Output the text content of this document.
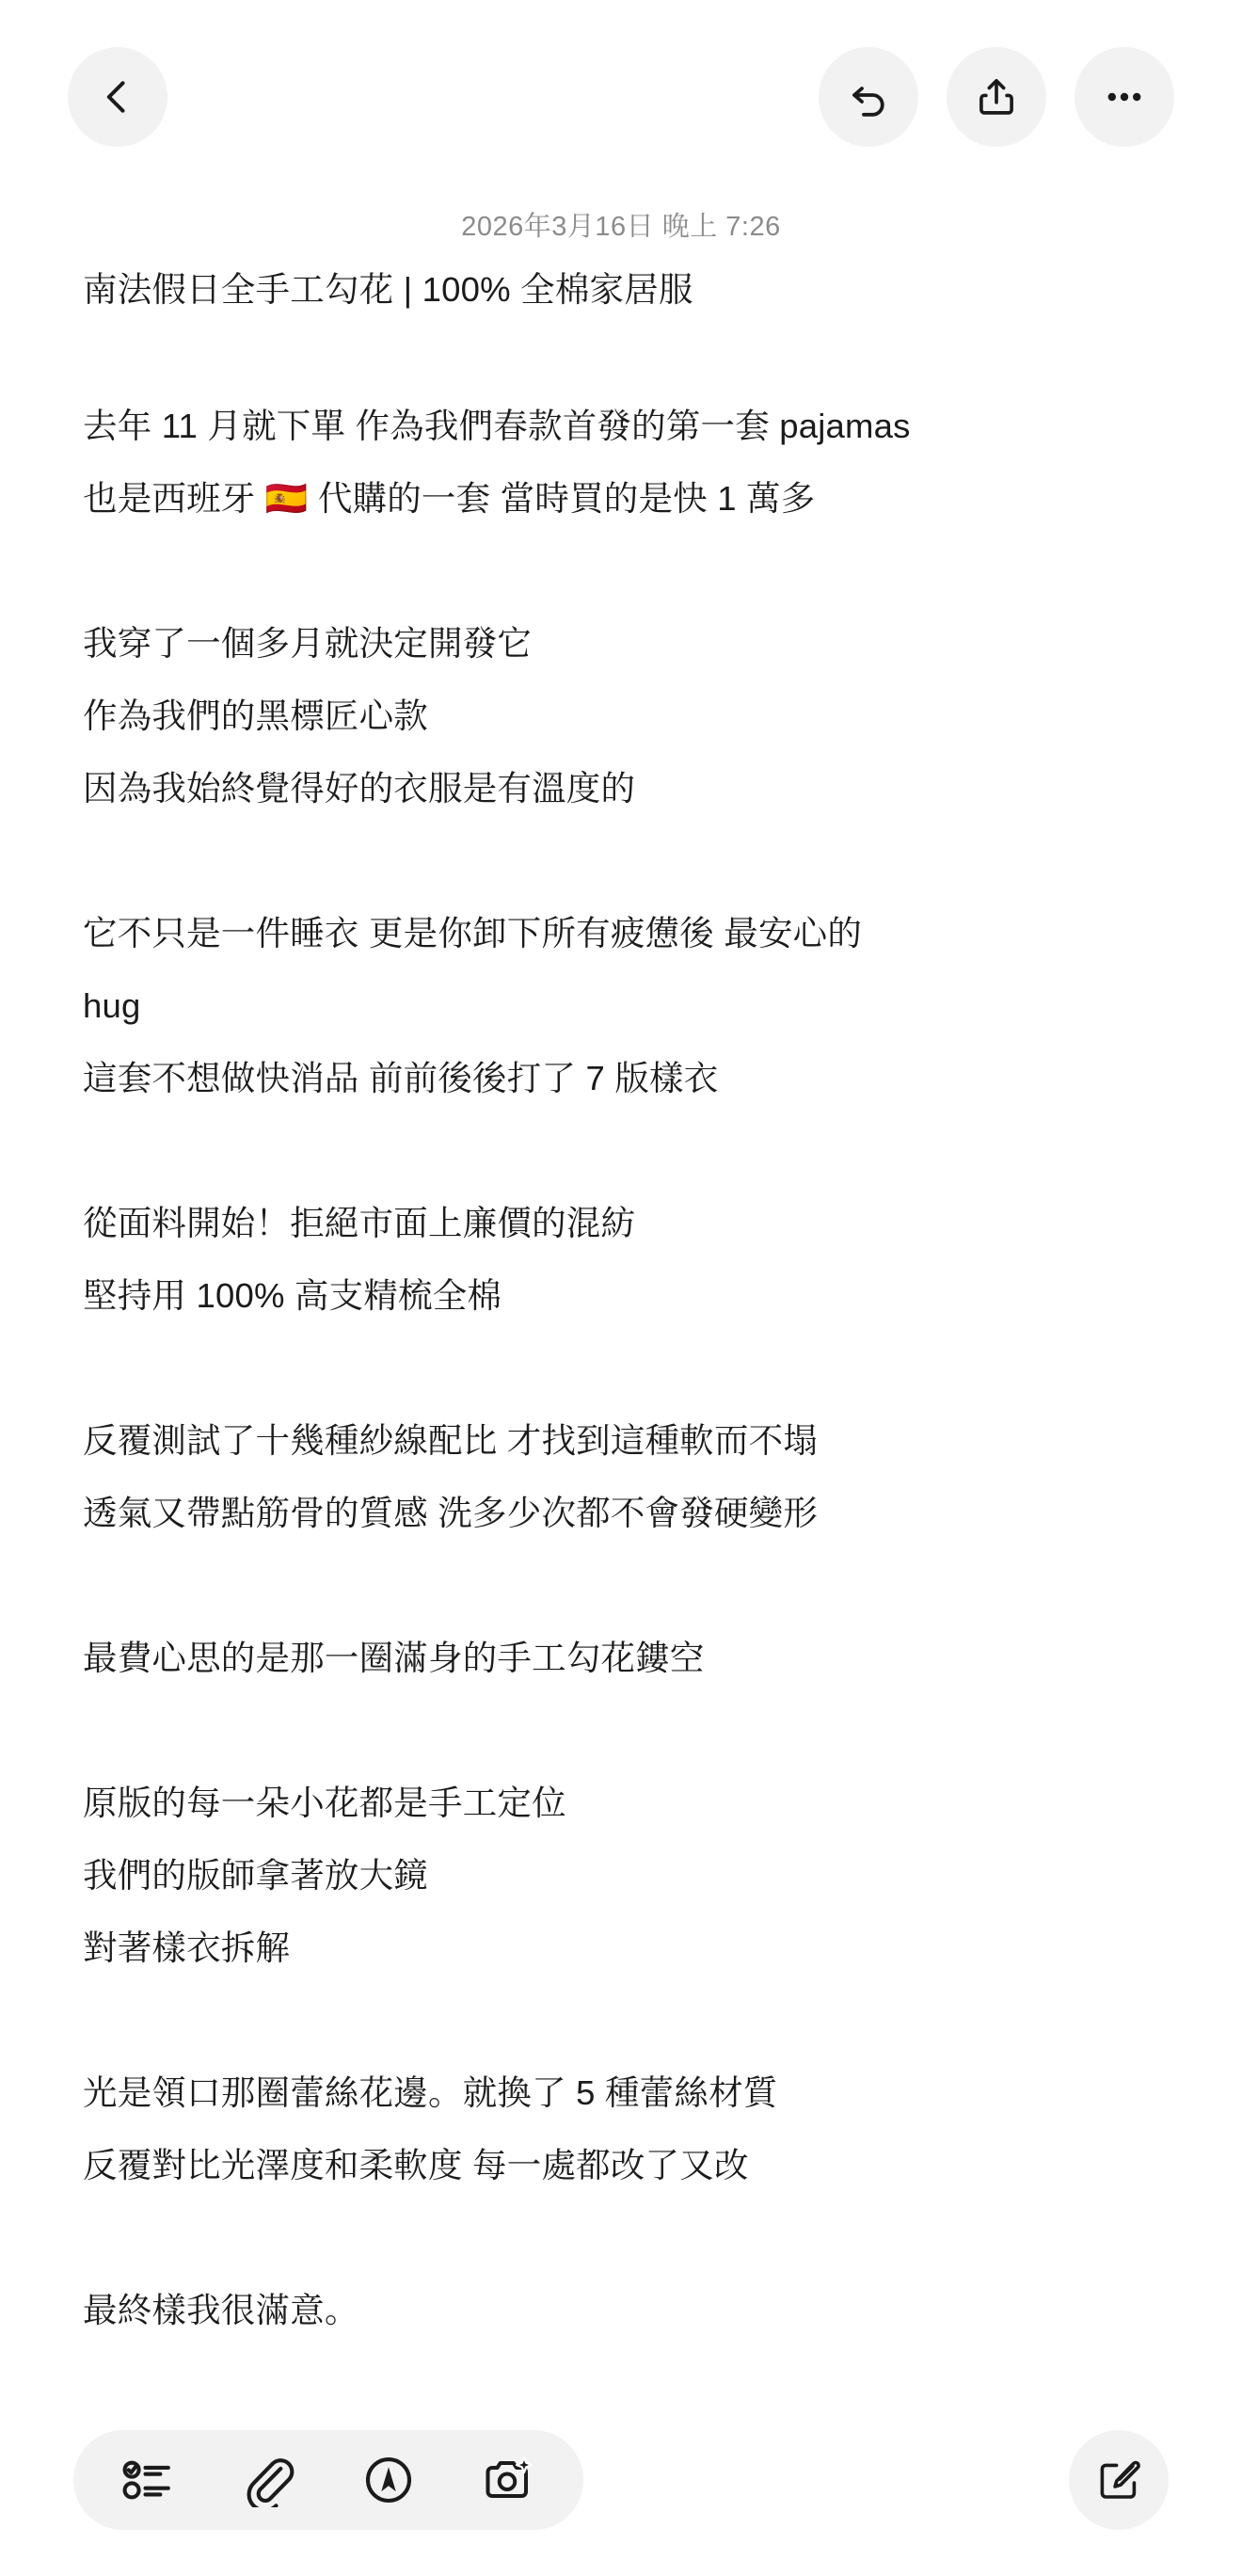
2026年3月16日 晚上 7:26
南法假日全手工勾花 | 100% 全棉家居服
去年 11 月就下單 作為我們春款首發的第一套 pajamas
也是西班牙 🇪🇸 代購的一套 當時買的是快 1 萬多
我穿了一個多月就決定開發它
作為我們的黑標匠心款
因為我始終覺得好的衣服是有溫度的
它不只是一件睡衣 更是你卸下所有疲憊後 最安心的
hug
這套不想做快消品 前前後後打了 7 版樣衣
從面料開始！拒絕市面上廉價的混紡
堅持用 100% 高支精梳全棉
反覆測試了十幾種紗線配比 才找到這種軟而不塌
透氣又帶點筋骨的質感 洗多少次都不會發硬變形
最費心思的是那一圈滿身的手工勾花鏤空
原版的每一朵小花都是手工定位
我們的版師拿著放大鏡
對著樣衣拆解
光是領口那圈蕾絲花邊。就換了 5 種蕾絲材質
反覆對比光澤度和柔軟度 每一處都改了又改
最終樣我很滿意。
